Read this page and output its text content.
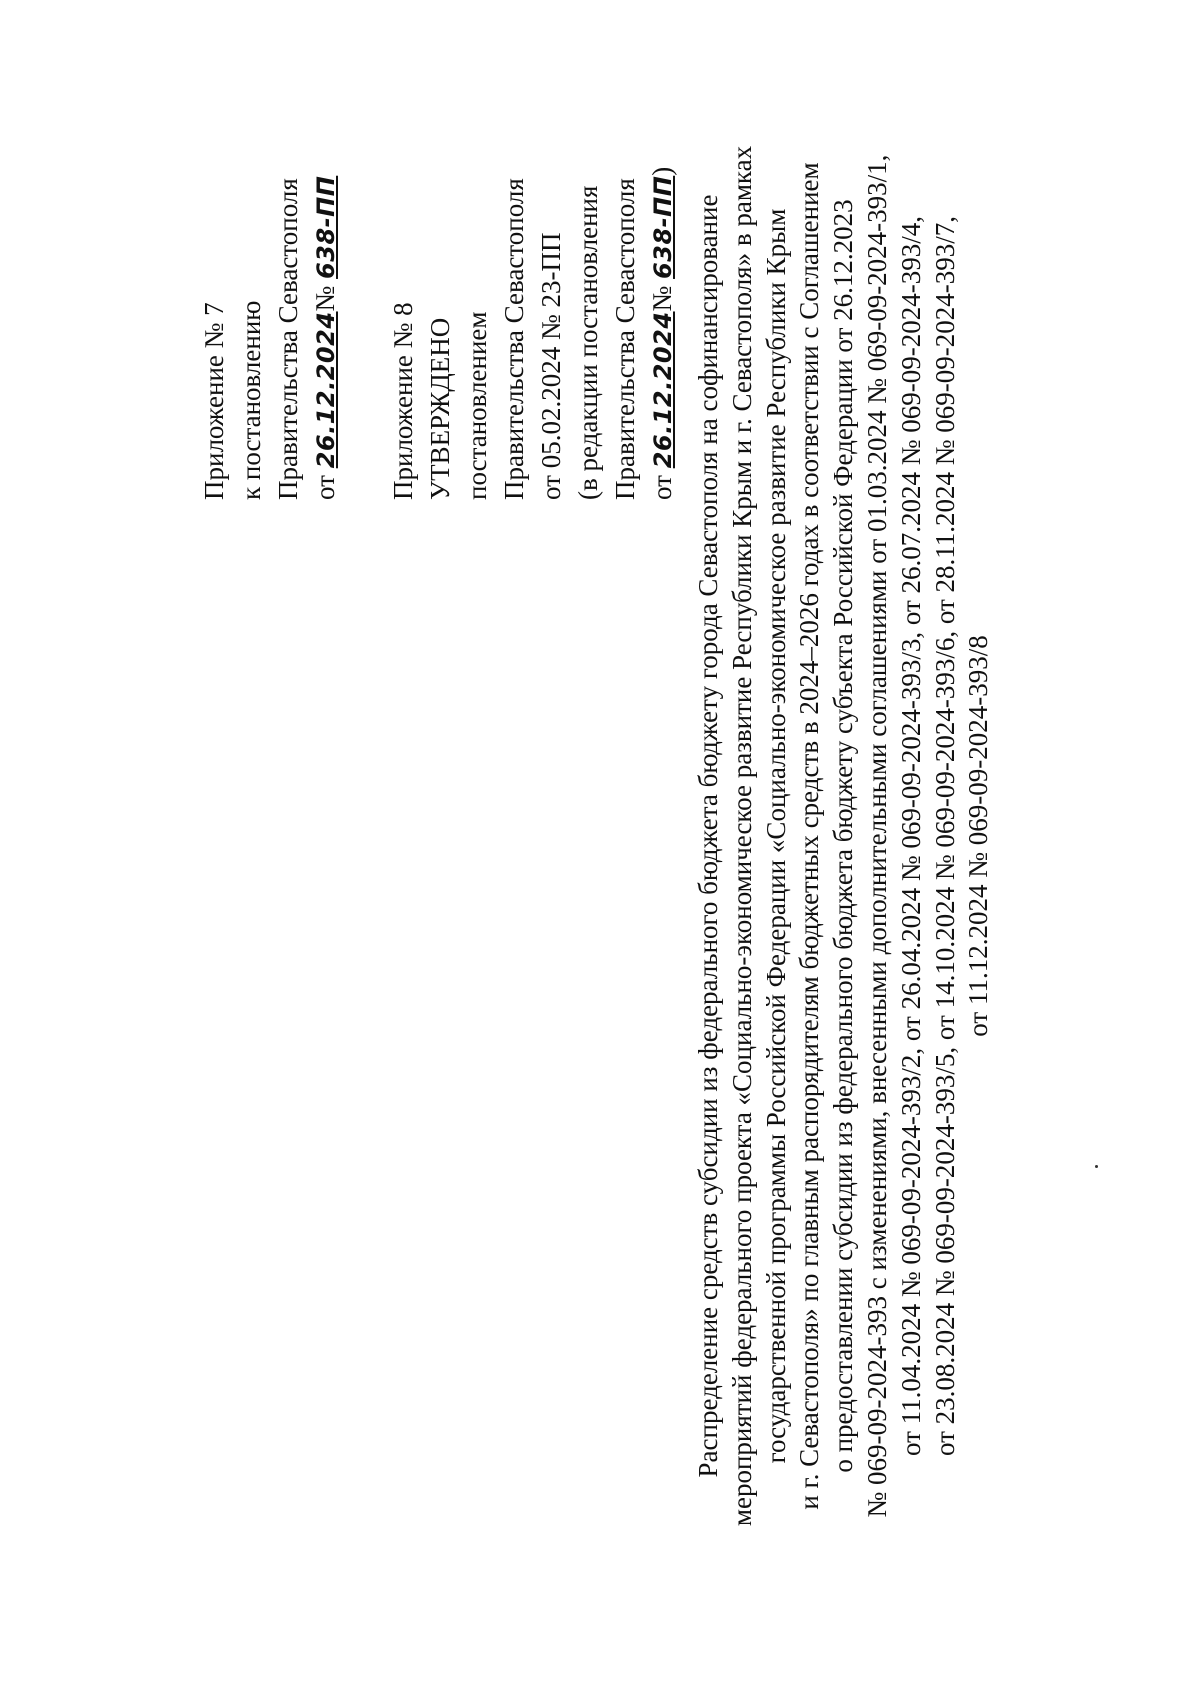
Приложение № 7 к постановлению Правительства Севастополя от 26.12.2024№ 638-ПП
Приложение № 8 УТВЕРЖДЕНО постановлением Правительства Севастополя от 05.02.2024 № 23-ПП (в редакции постановления Правительства Севастополя от 26.12.2024№ 638-ПП)
Распределение средств субсидии из федерального бюджета бюджету города Севастополя на софинансирование мероприятий федерального проекта «Социально-экономическое развитие Республики Крым и г. Севастополя» в рамках государственной программы Российской Федерации «Социально-экономическое развитие Республики Крым и г. Севастополя» по главным распорядителям бюджетных средств в 2024–2026 годах в соответствии с Соглашением о предоставлении субсидии из федерального бюджета бюджету субъекта Российской Федерации от 26.12.2023 № 069-09-2024-393 с изменениями, внесенными дополнительными соглашениями от 01.03.2024 № 069-09-2024-393/1, от 11.04.2024 № 069-09-2024-393/2, от 26.04.2024 № 069-09-2024-393/3, от 26.07.2024 № 069-09-2024-393/4, от 23.08.2024 № 069-09-2024-393/5, от 14.10.2024 № 069-09-2024-393/6, от 28.11.2024 № 069-09-2024-393/7, от 11.12.2024 № 069-09-2024-393/8
